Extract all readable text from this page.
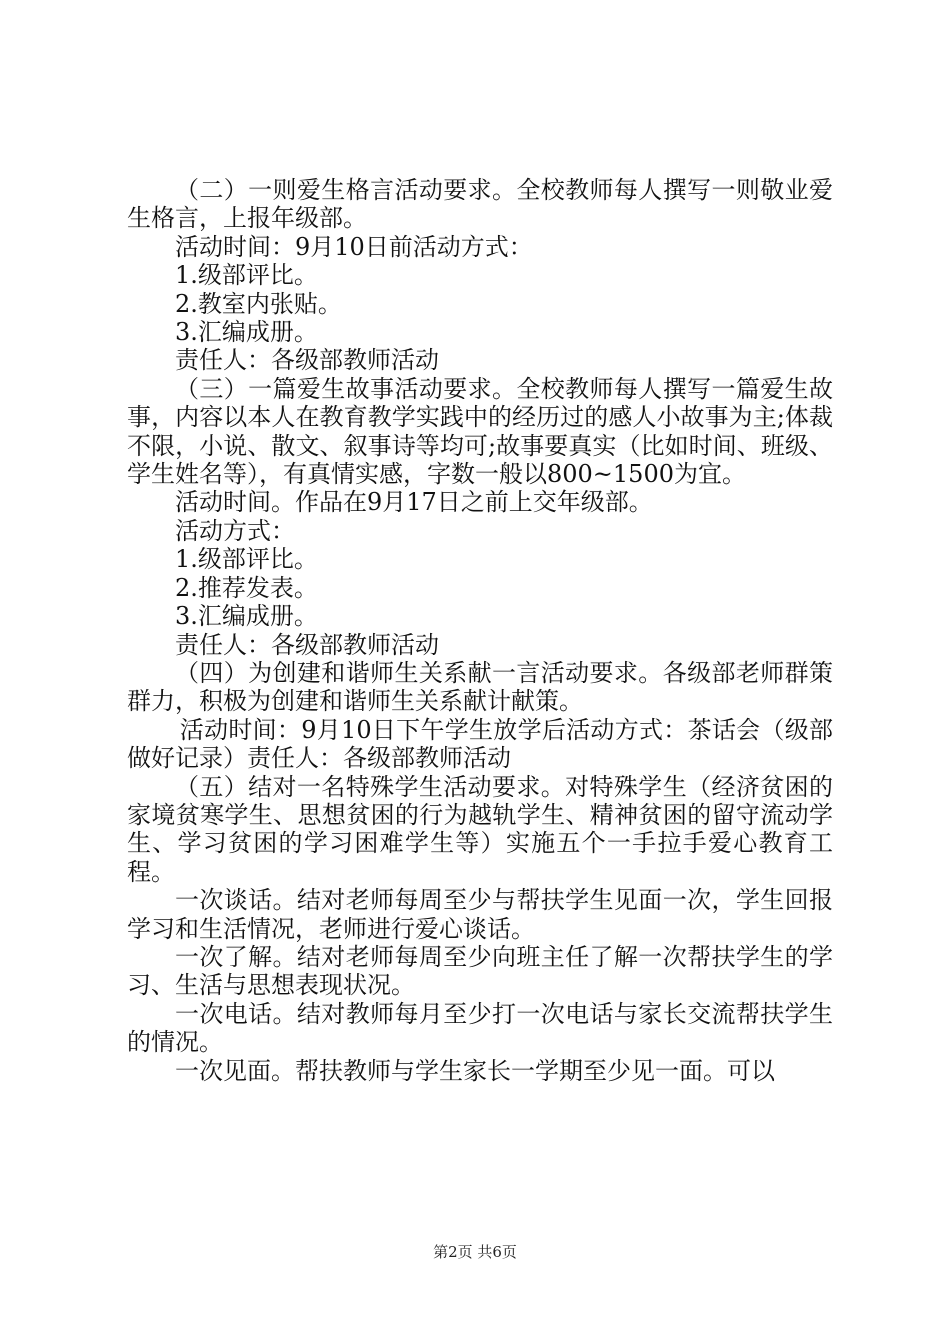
（二）一则爱生格言活动要求。全校教师每人撰写一则敬业爱生格言，上报年级部。

活动时间：9月10日前活动方式：

1.级部评比。

2.教室内张贴。

3.汇编成册。

责任人：各级部教师活动

（三）一篇爱生故事活动要求。全校教师每人撰写一篇爱生故事，内容以本人在教育教学实践中的经历过的感人小故事为主;体裁不限，小说、散文、叙事诗等均可;故事要真实（比如时间、班级、学生姓名等），有真情实感，字数一般以800~1500为宜。

活动时间。作品在9月17日之前上交年级部。

活动方式：

1.级部评比。

2.推荐发表。

3.汇编成册。

责任人：各级部教师活动

（四）为创建和谐师生关系献一言活动要求。各级部老师群策群力，积极为创建和谐师生关系献计献策。

活动时间：9月10日下午学生放学后活动方式：茶话会（级部做好记录）责任人：各级部教师活动

（五）结对一名特殊学生活动要求。对特殊学生（经济贫困的家境贫寒学生、思想贫困的行为越轨学生、精神贫困的留守流动学生、学习贫困的学习困难学生等）实施五个一手拉手爱心教育工程。

一次谈话。结对老师每周至少与帮扶学生见面一次，学生回报学习和生活情况，老师进行爱心谈话。

一次了解。结对老师每周至少向班主任了解一次帮扶学生的学习、生活与思想表现状况。

一次电话。结对教师每月至少打一次电话与家长交流帮扶学生的情况。

一次见面。帮扶教师与学生家长一学期至少见一面。可以

第2页 共6页
